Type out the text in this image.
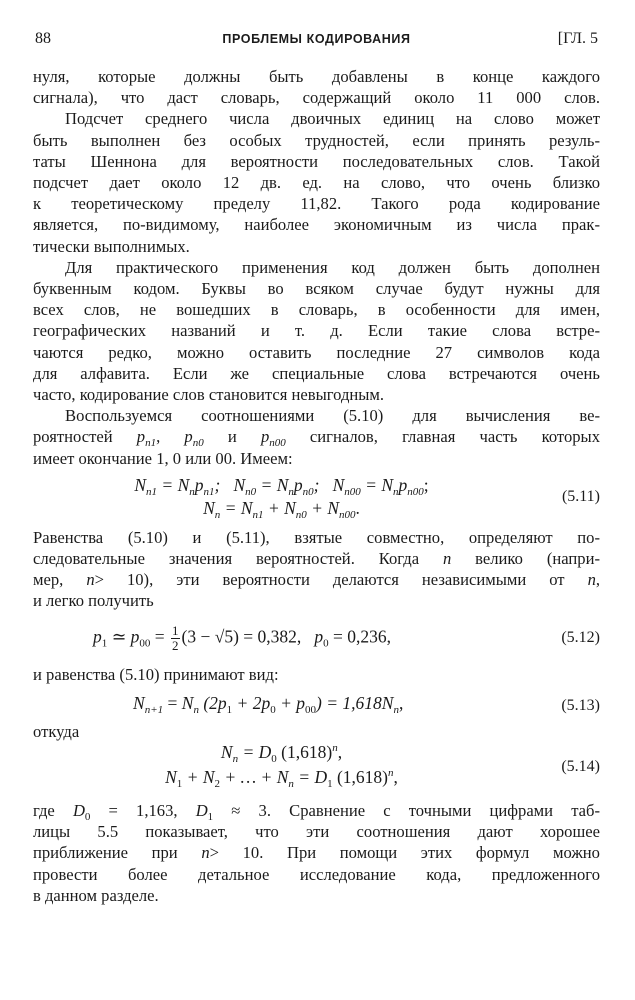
88	ПРОБЛЕМЫ КОДИРОВАНИЯ	[ГЛ. 5

нуля, которые должны быть добавлены в конце каждого
сигнала), что даст словарь, содержащий около 11 000 слов.

Подсчет среднего числа двоичных единиц на слово может
быть выполнен без особых трудностей, если принять резуль-
таты Шеннона для вероятности последовательных слов. Такой
подсчет дает около 12 дв. ед. на слово, что очень близко
к теоретическому пределу 11,82. Такого рода кодирование
является, по-видимому, наиболее экономичным из числа прак-
тически выполнимых.

Для практического применения код должен быть дополнен
буквенным кодом. Буквы во всяком случае будут нужны для
всех слов, не вошедших в словарь, в особенности для имен,
географических названий и т. д. Если такие слова встре-
чаются редко, можно оставить последние 27 символов кода
для алфавита. Если же специальные слова встречаются очень
часто, кодирование слов становится невыгодным.

Воспользуемся соотношениями (5.10) для вычисления ве-
роятностей $p_{n1}$, $p_{n0}$ и $p_{n00}$ сигналов, главная часть которых
имеет окончание 1, 0 или 00. Имеем:

$N_{n1} = N_np_{n1}$;   $N_{n0} = N_np_{n0}$;   $N_{n00} = N_np_{n00}$;
$N_n = N_{n1} + N_{n0} + N_{n00}$.
(5.11)

Равенства (5.10) и (5.11), взятые совместно, определяют по-
следовательные значения вероятностей. Когда n велико (напри-
мер, n> 10), эти вероятности делаются независимыми от n,
и легко получить

$p_1$ ≃ $p_{00} = \frac{1}{2} (3 - √5) = 0,382$, $p_0 = 0,236$,	(5.12)

и равенства (5.10) принимают вид:

$N_{n+1} = N_n$ $(2p_1 + 2p_0 + p_{00}) = 1,618N_n$,	(5.13)

откуда

$N_n = D_0$ $(1,618)^n$,
$N_1 + N_2$ + … + $N_n = D_1$ $(1,618)^n$,
(5.14)

где $D_0 = 1,163$, $D_1 \approx 3$. Сравнение с точными цифрами таб-
лицы 5.5 показывает, что эти соотношения дают хорошее
приближение при n> 10. При помощи этих формул можно
провести более детальное исследование кода, предложенного
в данном разделе.
